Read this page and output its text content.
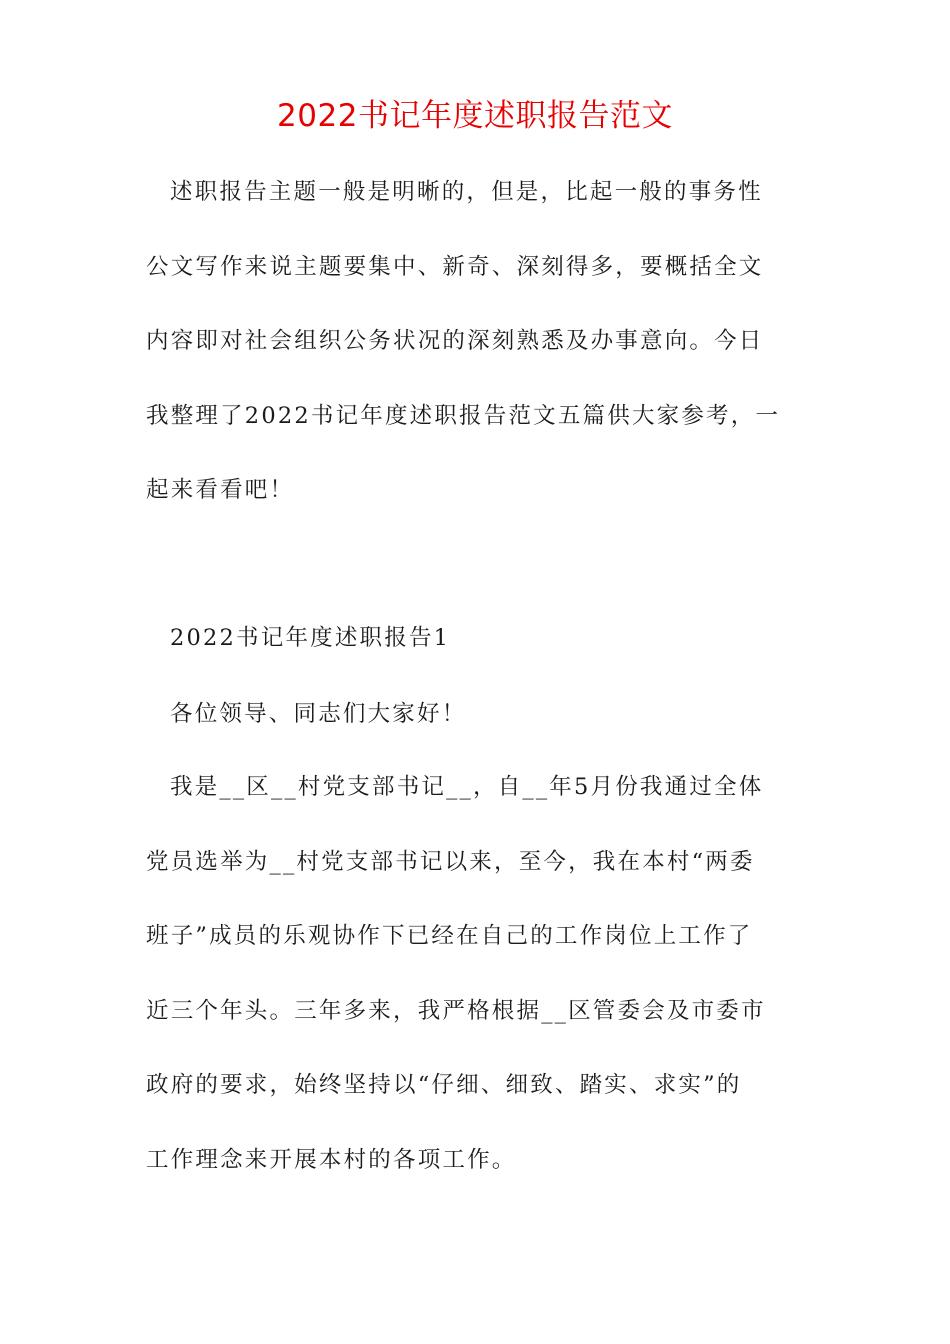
2022书记年度述职报告范文
述职报告主题一般是明晰的，但是，比起一般的事务性
公文写作来说主题要集中、新奇、深刻得多，要概括全文
内容即对社会组织公务状况的深刻熟悉及办事意向。今日
我整理了2022书记年度述职报告范文五篇供大家参考，一
起来看看吧！
2022书记年度述职报告1
各位领导、同志们大家好！
我是__区__村党支部书记__，自__年5月份我通过全体
党员选举为__村党支部书记以来，至今，我在本村“两委
班子”成员的乐观协作下已经在自己的工作岗位上工作了
近三个年头。三年多来，我严格根据__区管委会及市委市
政府的要求，始终坚持以“仔细、细致、踏实、求实”的
工作理念来开展本村的各项工作。
